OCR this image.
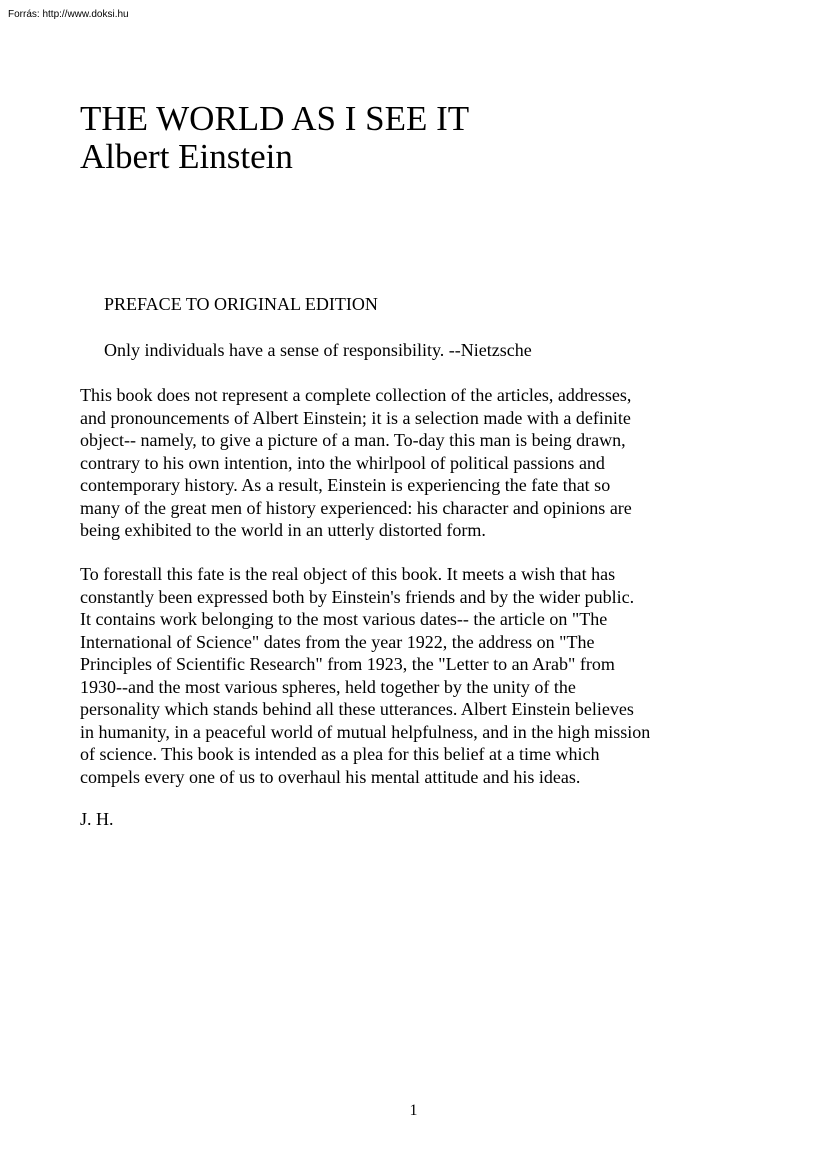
Forrás: http://www.doksi.hu

THE WORLD AS I SEE IT
Albert Einstein
PREFACE TO ORIGINAL EDITION

Only individuals have a sense of responsibility. --Nietzsche

This book does not represent a complete collection of the articles, addresses,
and pronouncements of Albert Einstein; it is a selection made with a definite
object-- namely, to give a picture of a man. To-day this man is being drawn,
contrary to his own intention, into the whirlpool of political passions and
contemporary history. As a result, Einstein is experiencing the fate that so
many of the great men of history experienced: his character and opinions are
being exhibited to the world in an utterly distorted form.

To forestall this fate is the real object of this book. It meets a wish that has
constantly been expressed both by Einstein's friends and by the wider public.
It contains work belonging to the most various dates-- the article on "The
International of Science" dates from the year 1922, the address on "The
Principles of Scientific Research" from 1923, the "Letter to an Arab" from
1930--and the most various spheres, held together by the unity of the
personality which stands behind all these utterances. Albert Einstein believes
in humanity, in a peaceful world of mutual helpfulness, and in the high mission
of science. This book is intended as a plea for this belief at a time which
compels every one of us to overhaul his mental attitude and his ideas.

J. H.

1
